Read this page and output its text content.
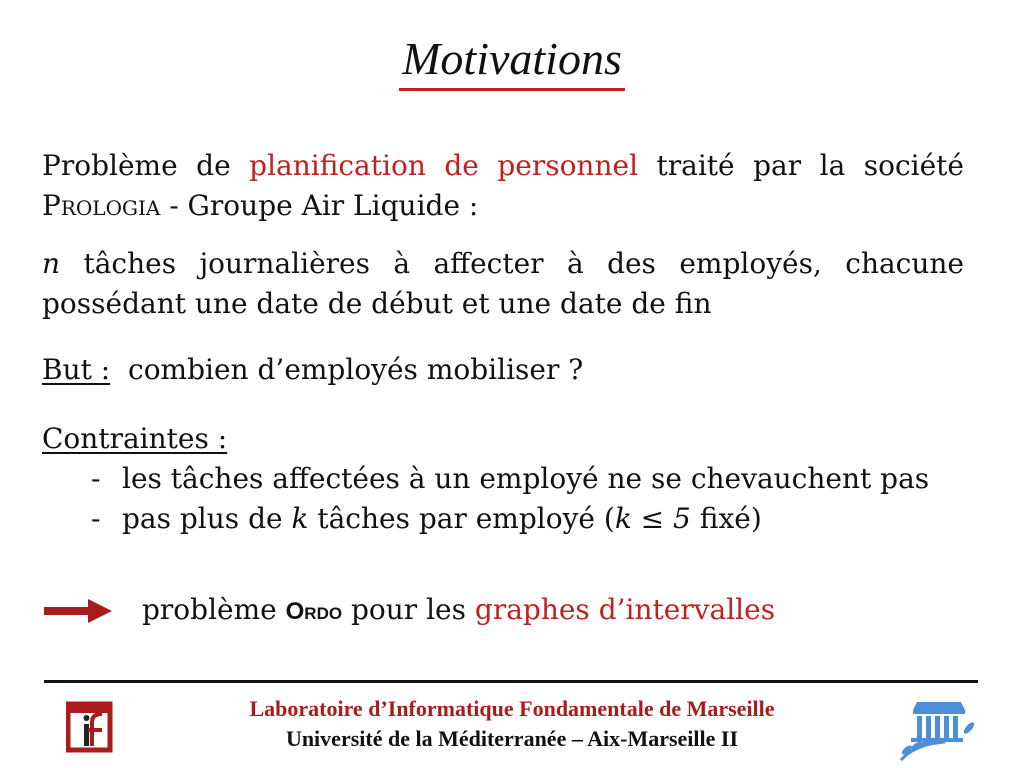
Motivations
Problème de planification de personnel traité par la société Prologia - Groupe Air Liquide :
n tâches journalières à affecter à des employés, chacune possédant une date de début et une date de fin
But : combien d’employés mobiliser ?
Contraintes :
- les tâches affectées à un employé ne se chevauchent pas
- pas plus de k tâches par employé (k ≤ 5 fixé)
problème Ordo pour les graphes d’intervalles
Laboratoire d’Informatique Fondamentale de Marseille
Université de la Méditerranée – Aix-Marseille II
